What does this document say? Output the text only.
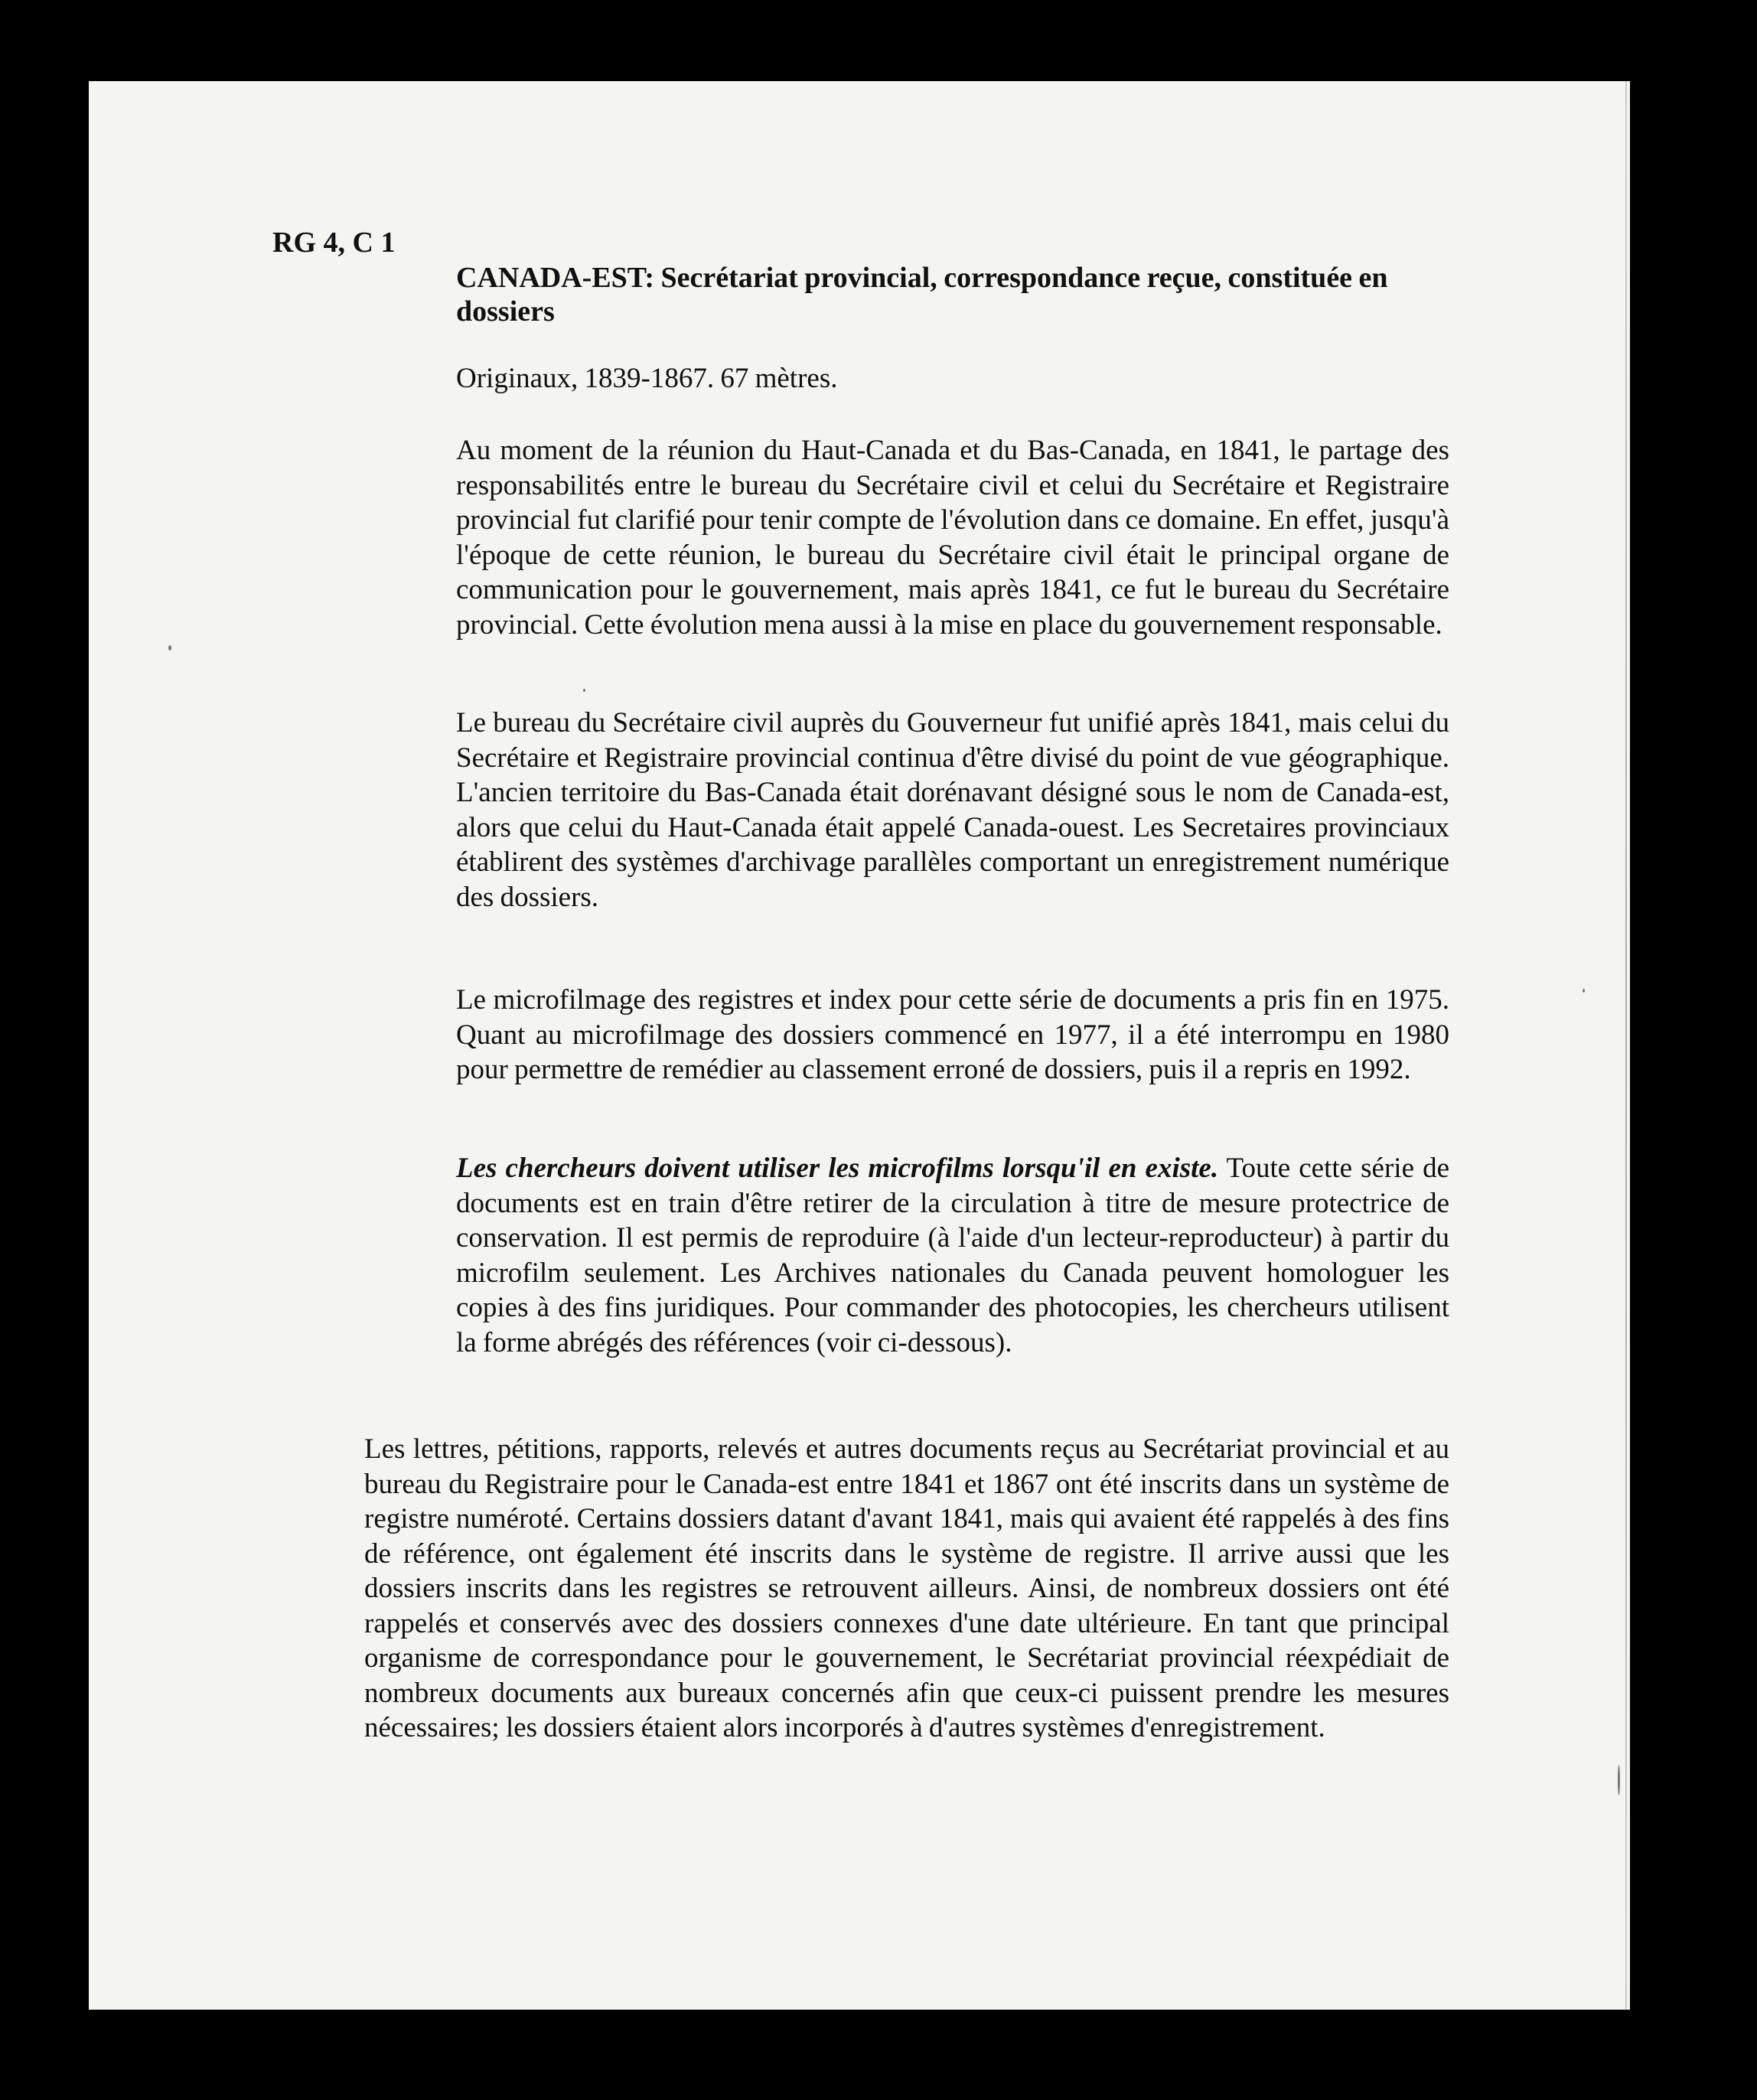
RG 4, C 1
CANADA-EST: Secrétariat provincial, correspondance reçue, constituée en dossiers
Originaux, 1839-1867. 67 mètres.
Au moment de la réunion du Haut-Canada et du Bas-Canada, en 1841, le partage des responsabilités entre le bureau du Secrétaire civil et celui du Secrétaire et Registraire provincial fut clarifié pour tenir compte de l'évolution dans ce domaine. En effet, jusqu'à l'époque de cette réunion, le bureau du Secrétaire civil était le principal organe de communication pour le gouvernement, mais après 1841, ce fut le bureau du Secrétaire provincial. Cette évolution mena aussi à la mise en place du gouvernement responsable.
Le bureau du Secrétaire civil auprès du Gouverneur fut unifié après 1841, mais celui du Secrétaire et Registraire provincial continua d'être divisé du point de vue géographique. L'ancien territoire du Bas-Canada était dorénavant désigné sous le nom de Canada-est, alors que celui du Haut-Canada était appelé Canada-ouest. Les Secretaires provinciaux établirent des systèmes d'archivage parallèles comportant un enregistrement numérique des dossiers.
Le microfilmage des registres et index pour cette série de documents a pris fin en 1975. Quant au microfilmage des dossiers commencé en 1977, il a été interrompu en 1980 pour permettre de remédier au classement erroné de dossiers, puis il a repris en 1992.
Les chercheurs doivent utiliser les microfilms lorsqu'il en existe. Toute cette série de documents est en train d'être retirer de la circulation à titre de mesure protectrice de conservation. Il est permis de reproduire (à l'aide d'un lecteur-reproducteur) à partir du microfilm seulement. Les Archives nationales du Canada peuvent homologuer les copies à des fins juridiques. Pour commander des photocopies, les chercheurs utilisent la forme abrégés des références (voir ci-dessous).
Les lettres, pétitions, rapports, relevés et autres documents reçus au Secrétariat provincial et au bureau du Registraire pour le Canada-est entre 1841 et 1867 ont été inscrits dans un système de registre numéroté. Certains dossiers datant d'avant 1841, mais qui avaient été rappelés à des fins de référence, ont également été inscrits dans le système de registre. Il arrive aussi que les dossiers inscrits dans les registres se retrouvent ailleurs. Ainsi, de nombreux dossiers ont été rappelés et conservés avec des dossiers connexes d'une date ultérieure. En tant que principal organisme de correspondance pour le gouvernement, le Secrétariat provincial réexpédiait de nombreux documents aux bureaux concernés afin que ceux-ci puissent prendre les mesures nécessaires; les dossiers étaient alors incorporés à d'autres systèmes d'enregistrement.
